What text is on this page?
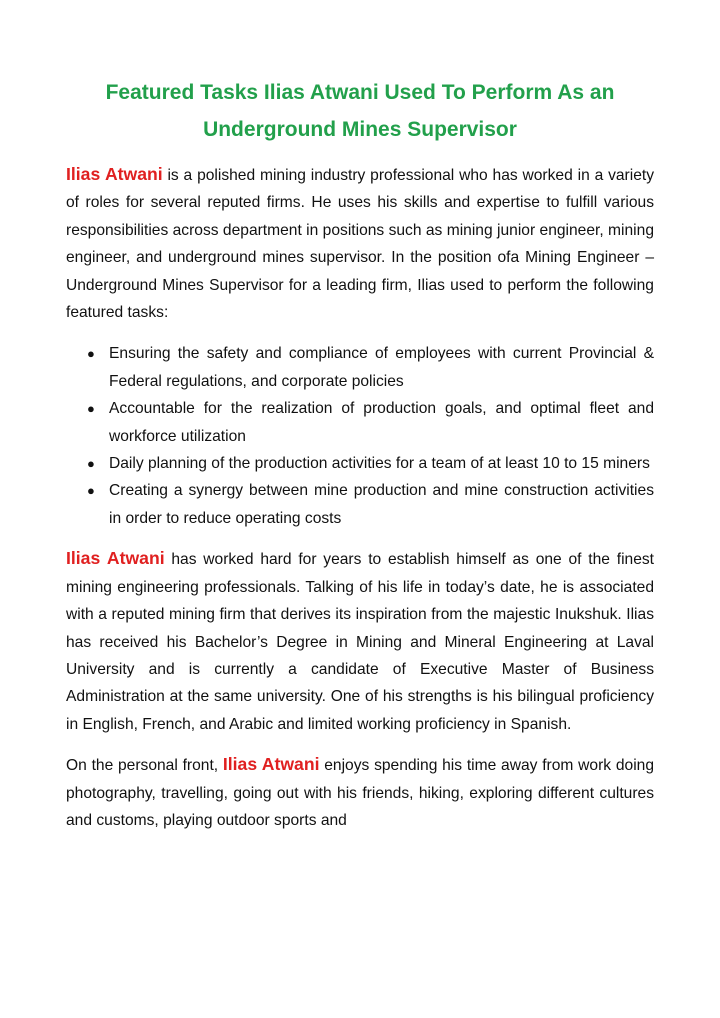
Featured Tasks Ilias Atwani Used To Perform As an
Underground Mines Supervisor

Ilias Atwani is a polished mining industry professional who has worked in a variety of roles for several reputed firms. He uses his skills and expertise to fulfill various responsibilities across department in positions such as mining junior engineer, mining engineer, and underground mines supervisor. In the position ofa Mining Engineer – Underground Mines Supervisor for a leading firm, Ilias used to perform the following featured tasks:

● Ensuring the safety and compliance of employees with current Provincial & Federal regulations, and corporate policies
● Accountable for the realization of production goals, and optimal fleet and workforce utilization
● Daily planning of the production activities for a team of at least 10 to 15 miners
● Creating a synergy between mine production and mine construction activities in order to reduce operating costs

Ilias Atwani has worked hard for years to establish himself as one of the finest mining engineering professionals. Talking of his life in today’s date, he is associated with a reputed mining firm that derives its inspiration from the majestic Inukshuk. Ilias has received his Bachelor’s Degree in Mining and Mineral Engineering at Laval University and is currently a candidate of Executive Master of Business Administration at the same university. One of his strengths is his bilingual proficiency in English, French, and Arabic and limited working proficiency in Spanish.

On the personal front, Ilias Atwani enjoys spending his time away from work doing photography, travelling, going out with his friends, hiking, exploring different cultures and customs, playing outdoor sports and
